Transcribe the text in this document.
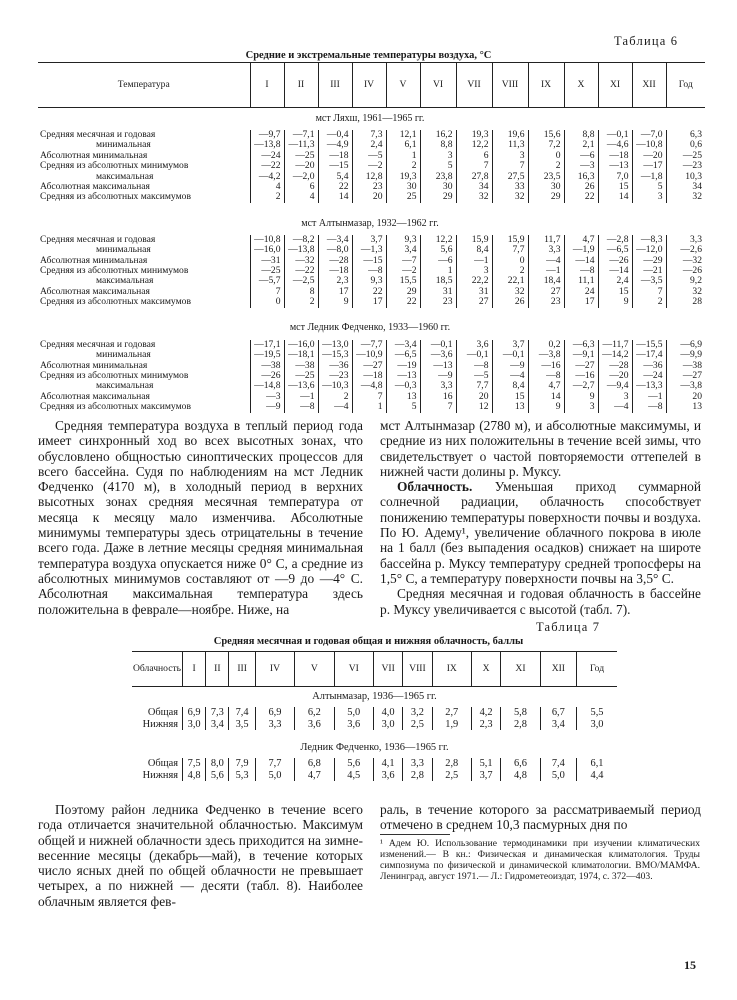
Таблица 6
Средние и экстремальные температуры воздуха, °С
Температура	I	II	III	IV	V	VI	VII	VIII	IX	X	XI	XII	Год
мст Ляхш, 1961—1965 гг.													
Средняя месячная и годовая	—9,7	—7,1	—0,4	7,3	12,1	16,2	19,3	19,6	15,6	8,8	—0,1	—7,0	6,3
минимальная	—13,8	—11,3	—4,9	2,4	6,1	8,8	12,2	11,3	7,2	2,1	—4,6	—10,8	0,6
Абсолютная минимальная	—24	—25	—18	—5	1	3	6	3	0	—6	—18	—20	—25
Средняя из абсолютных минимумов	—22	—20	—15	—2	2	5	7	7	2	—3	—13	—17	—23
максимальная	—4,2	—2,0	5,4	12,8	19,3	23,8	27,8	27,5	23,5	16,3	7,0	—1,8	10,3
Абсолютная максимальная	4	6	22	23	30	30	34	33	30	26	15	5	34
Средняя из абсолютных максимумов	2	4	14	20	25	29	32	32	29	22	14	3	32

мст Алтынмазар, 1932—1962 гг.													
Средняя месячная и годовая	—10,8	—8,2	—3,4	3,7	9,3	12,2	15,9	15,9	11,7	4,7	—2,8	—8,3	3,3
минимальная	—16,0	—13,8	—8,0	—1,3	3,4	5,6	8,4	7,7	3,3	—1,9	—6,5	—12,0	—2,6
Абсолютная минимальная	—31	—32	—28	—15	—7	—6	—1	0	—4	—14	—26	—29	—32
Средняя из абсолютных минимумов	—25	—22	—18	—8	—2	1	3	2	—1	—8	—14	—21	—26
максимальная	—5,7	—2,5	2,3	9,3	15,5	18,5	22,2	22,1	18,4	11,1	2,4	—3,5	9,2
Абсолютная максимальная	7	8	17	22	29	31	31	32	27	24	15	7	32
Средняя из абсолютных максимумов	0	2	9	17	22	23	27	26	23	17	9	2	28

мст Ледник Федченко, 1933—1960 гг.													
Средняя месячная и годовая	—17,1	—16,0	—13,0	—7,7	—3,4	—0,1	3,6	3,7	0,2	—6,3	—11,7	—15,5	—6,9
минимальная	—19,5	—18,1	—15,3	—10,9	—6,5	—3,6	—0,1	—0,1	—3,8	—9,1	—14,2	—17,4	—9,9
Абсолютная минимальная	—38	—38	—36	—27	—19	—13	—8	—9	—16	—27	—28	—36	—38
Средняя из абсолютных минимумов	—26	—25	—23	—18	—13	—9	—5	—4	—8	—16	—20	—24	—27
максимальная	—14,8	—13,6	—10,3	—4,8	—0,3	3,3	7,7	8,4	4,7	—2,7	—9,4	—13,3	—3,8
Абсолютная максимальная	—3	—1	2	7	13	16	20	15	14	9	3	—1	20
Средняя из абсолютных максимумов	—9	—8	—4	1	5	7	12	13	9	3	—4	—8	13

Средняя температура воздуха в теплый период года имеет синхронный ход во всех высотных зонах, что обусловлено общностью синоптических процессов для всего бассейна. Судя по наблюдениям на мст Ледник Федченко (4170 м), в холодный период в верхних высотных зонах средняя месячная температура от месяца к месяцу мало изменчива. Абсолютные минимумы температуры здесь отрицательны в течение всего года. Даже в летние месяцы средняя минимальная температура воздуха опускается ниже 0° С, а средние из абсолютных минимумов составляют от —9 до —4° С. Абсолютная максимальная температура здесь положительна в феврале—ноябре. Ниже, на

мст Алтынмазар (2780 м), и абсолютные максимумы, и средние из них положительны в течение всей зимы, что свидетельствует о частой повторяемости оттепелей в нижней части долины р. Муксу.

Облачность. Уменьшая приход суммарной солнечной радиации, облачность способствует понижению температуры поверхности почвы и воздуха. По Ю. Адему¹, увеличение облачного покрова в июле на 1 балл (без выпадения осадков) снижает на широте бассейна р. Муксу температуру средней тропосферы на 1,5° С, а температуру поверхности почвы на 3,5° С.

Средняя месячная и годовая облачность в бассейне р. Муксу увеличивается с высотой (табл. 7).

Таблица 7
Средняя месячная и годовая общая и нижняя облачность, баллы
Облачность	I	II	III	IV	V	VI	VII	VIII	IX	X	XI	XII	Год
Алтынмазар, 1936—1965 гг.													
Общая	6,9	7,3	7,4	6,9	6,2	5,0	4,0	3,2	2,7	4,2	5,8	6,7	5,5
Нижняя	3,0	3,4	3,5	3,3	3,6	3,6	3,0	2,5	1,9	2,3	2,8	3,4	3,0

Ледник Федченко, 1936—1965 гг.													
Общая	7,5	8,0	7,9	7,7	6,8	5,6	4,1	3,3	2,8	5,1	6,6	7,4	6,1
Нижняя	4,8	5,6	5,3	5,0	4,7	4,5	3,6	2,8	2,5	3,7	4,8	5,0	4,4

Поэтому район ледника Федченко в течение всего года отличается значительной облачностью. Максимум общей и нижней облачности здесь приходится на зимне-весенние месяцы (декабрь—май), в течение которых число ясных дней по общей облачности не превышает четырех, а по нижней — десяти (табл. 8). Наиболее облачным является фев-

раль, в течение которого за рассматриваемый период отмечено в среднем 10,3 пасмурных дня по

¹ Адем Ю. Использование термодинамики при изучении климатических изменений.— В кн.: Физическая и динамическая климатология. Труды симпозиума по физической и динамической климатологии. ВМО/МАМФА. Ленинград, август 1971.— Л.: Гидрометеоиздат, 1974, с. 372—403.
15
